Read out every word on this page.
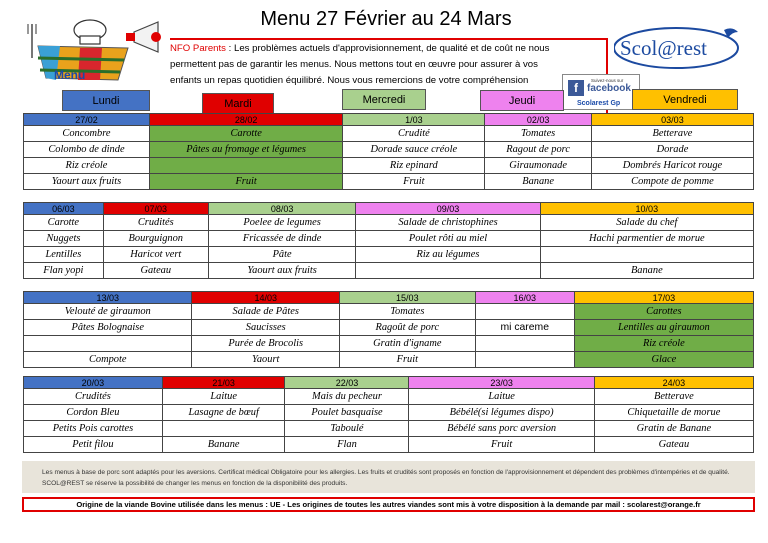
Menu 27 Février au 24 Mars
Menu

NFO Parents : Les problèmes actuels d'approvisionnement, de qualité et de coût ne nous permettent pas de garantir les menus. Nous mettons tout en œuvre pour assurer à vos enfants un repas quotidien équilibré. Nous vous remercions de votre compréhension

Scol@rest
f
Suivez-nous sur
facebook
Scolarest Gp
Lundi	Mardi	Mercredi	Jeudi	Vendredi
27/02	28/02	1/03	02/03	03/03
Concombre	Carotte	Crudité	Tomates	Betterave
Colombo de dinde	Pâtes au fromage et légumes	Dorade sauce créole	Ragout de porc	Dorade
Riz créole		Riz epinard	Giraumonade	Dombrés Haricot rouge
Yaourt aux fruits	Fruit	Fruit	Banane	Compote de pomme
06/03	07/03	08/03	09/03	10/03
Carotte	Crudités	Poelee de legumes	Salade de christophines	Salade du chef
Nuggets	Bourguignon	Fricassée de dinde	Poulet rôti au miel	Hachi parmentier de morue
Lentilles	Haricot vert	Pâte	Riz au légumes	
Flan yopi	Gateau	Yaourt aux fruits		Banane
13/03	14/03	15/03	16/03	17/03
Velouté de giraumon	Salade de Pâtes	Tomates		Carottes
Pâtes Bolognaise	Saucisses	Ragoût de porc	mi careme	Lentilles au giraumon
	Purée de Brocolis	Gratin d'igname		Riz créole
Compote	Yaourt	Fruit		Glace
20/03	21/03	22/03	23/03	24/03
Crudités	Laitue	Mais du pecheur	Laitue	Betterave
Cordon Bleu	Lasagne de bœuf	Poulet basquaise	Bébélé(si légumes dispo)	Chiquetaille de morue
Petits Pois carottes		Taboulé	Bébélé sans porc aversion	Gratin de Banane
Petit filou	Banane	Flan	Fruit	Gateau
Les menus à base de porc sont adaptés pour les aversions. Certificat médical Obligatoire pour les allergies. Les fruits et crudités sont proposés en fonction de l'approvisionnement et dépendent des problèmes d'intempéries et de qualité. SCOL@REST se réserve la possibilité de changer les menus en fonction de la disponibilité des produits.
Origine de la viande Bovine utilisée dans les menus : UE - Les origines de toutes les autres viandes sont mis à votre disposition à la demande par mail : scolarest@orange.fr
